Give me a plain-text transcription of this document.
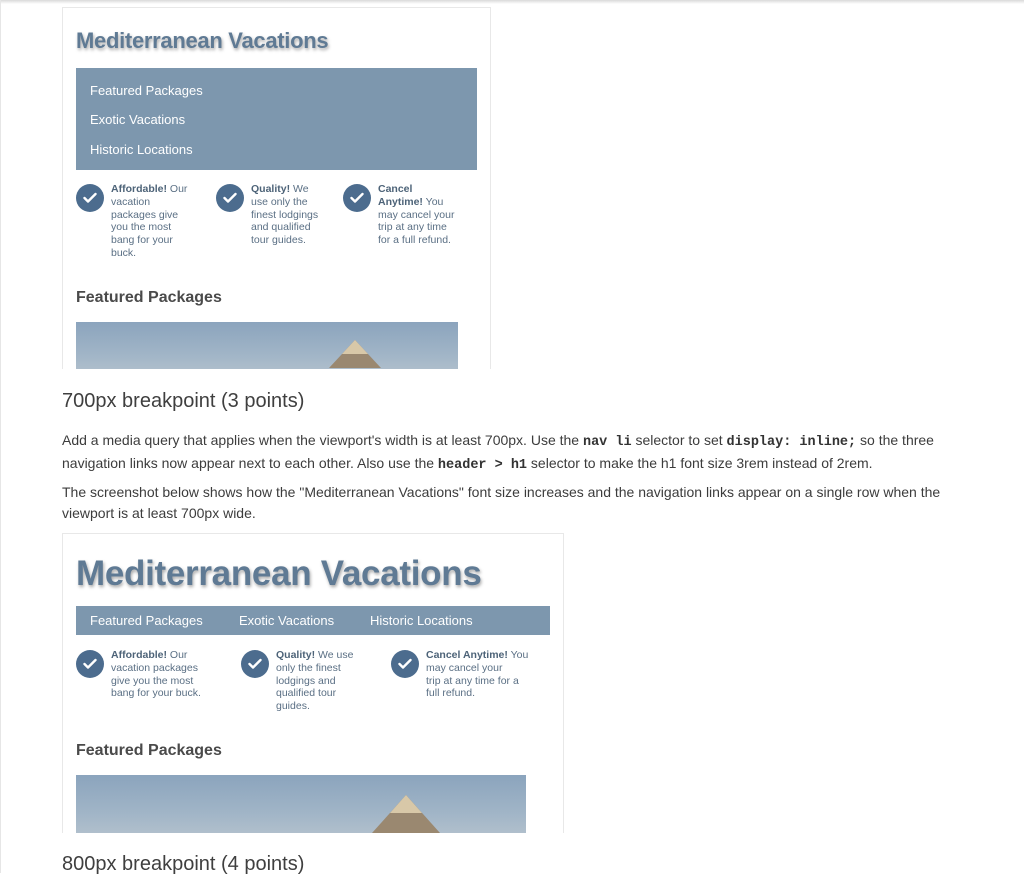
Mediterranean Vacations
Featured Packages
Exotic Vacations
Historic Locations
Affordable! Our
vacation
packages give
you the most
bang for your
buck.
Quality! We
use only the
finest lodgings
and qualified
tour guides.
Cancel
Anytime! You
may cancel your
trip at any time
for a full refund.
Featured Packages
700px breakpoint (3 points)

Add a media query that applies when the viewport's width is at least 700px. Use the nav li selector to set display: inline; so the three navigation links now appear next to each other. Also use the header > h1 selector to make the h1 font size 3rem instead of 2rem.

The screenshot below shows how the "Mediterranean Vacations" font size increases and the navigation links appear on a single row when the viewport is at least 700px wide.

Mediterranean Vacations
Featured Packages	Exotic Vacations	Historic Locations
Affordable! Our
vacation packages
give you the most
bang for your buck.
Quality! We use
only the finest
lodgings and
qualified tour
guides.
Cancel Anytime! You may cancel your
trip at any time for a
full refund.
Featured Packages
800px breakpoint (4 points)
